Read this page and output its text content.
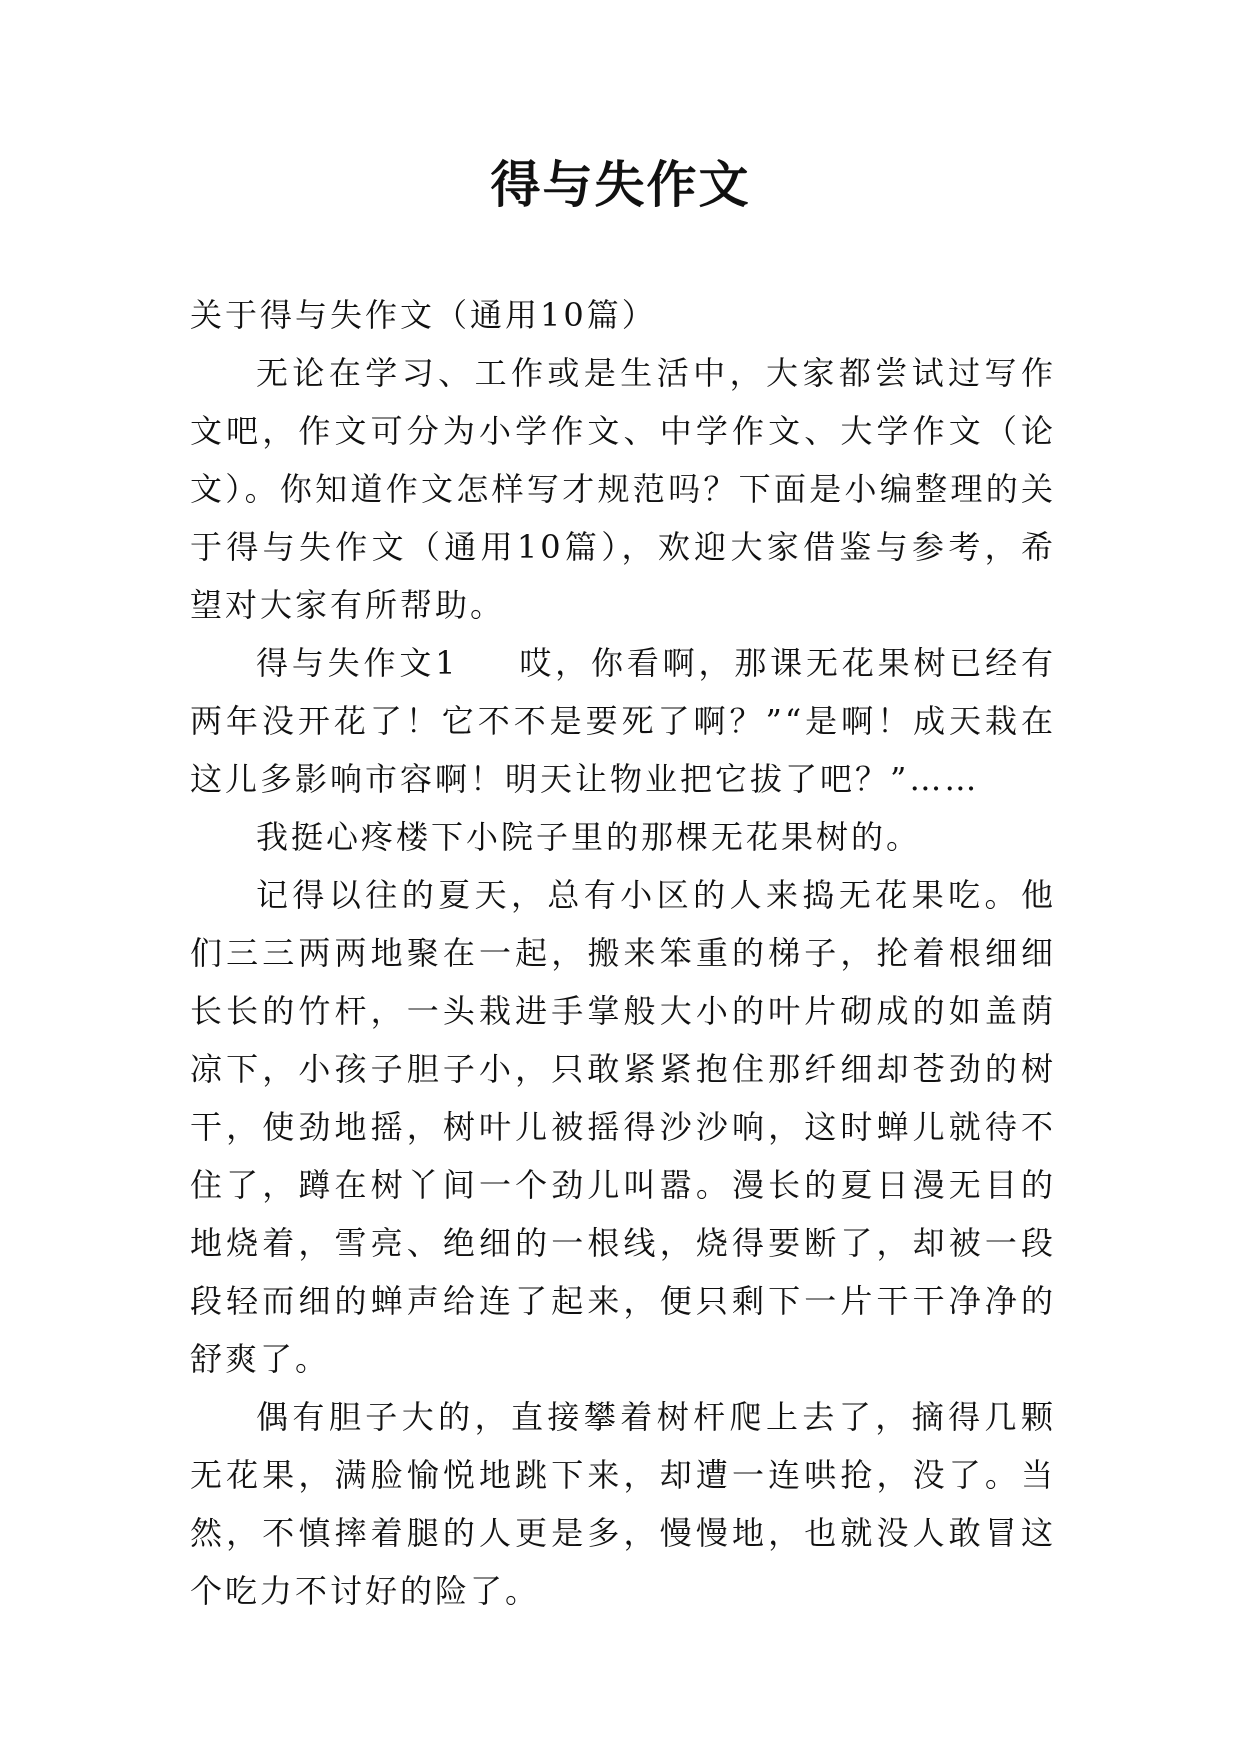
得与失作文

关于得与失作文（通用10篇）

无论在学习、工作或是生活中，大家都尝试过写作文吧，作文可分为小学作文、中学作文、大学作文（论文）。你知道作文怎样写才规范吗？下面是小编整理的关于得与失作文（通用10篇），欢迎大家借鉴与参考，希望对大家有所帮助。

得与失作文1 哎，你看啊，那课无花果树已经有两年没开花了！它不不是要死了啊？”“是啊！成天栽在这儿多影响市容啊！明天让物业把它拔了吧？”……

我挺心疼楼下小院子里的那棵无花果树的。

记得以往的夏天，总有小区的人来捣无花果吃。他们三三两两地聚在一起，搬来笨重的梯子，抡着根细细长长的竹杆，一头栽进手掌般大小的叶片砌成的如盖荫凉下，小孩子胆子小，只敢紧紧抱住那纤细却苍劲的树干，使劲地摇，树叶儿被摇得沙沙响，这时蝉儿就待不住了，蹲在树丫间一个劲儿叫嚣。漫长的夏日漫无目的地烧着，雪亮、绝细的一根线，烧得要断了，却被一段段轻而细的蝉声给连了起来，便只剩下一片干干净净的舒爽了。

偶有胆子大的，直接攀着树杆爬上去了，摘得几颗无花果，满脸愉悦地跳下来，却遭一连哄抢，没了。当然，不慎摔着腿的人更是多，慢慢地，也就没人敢冒这个吃力不讨好的险了。
